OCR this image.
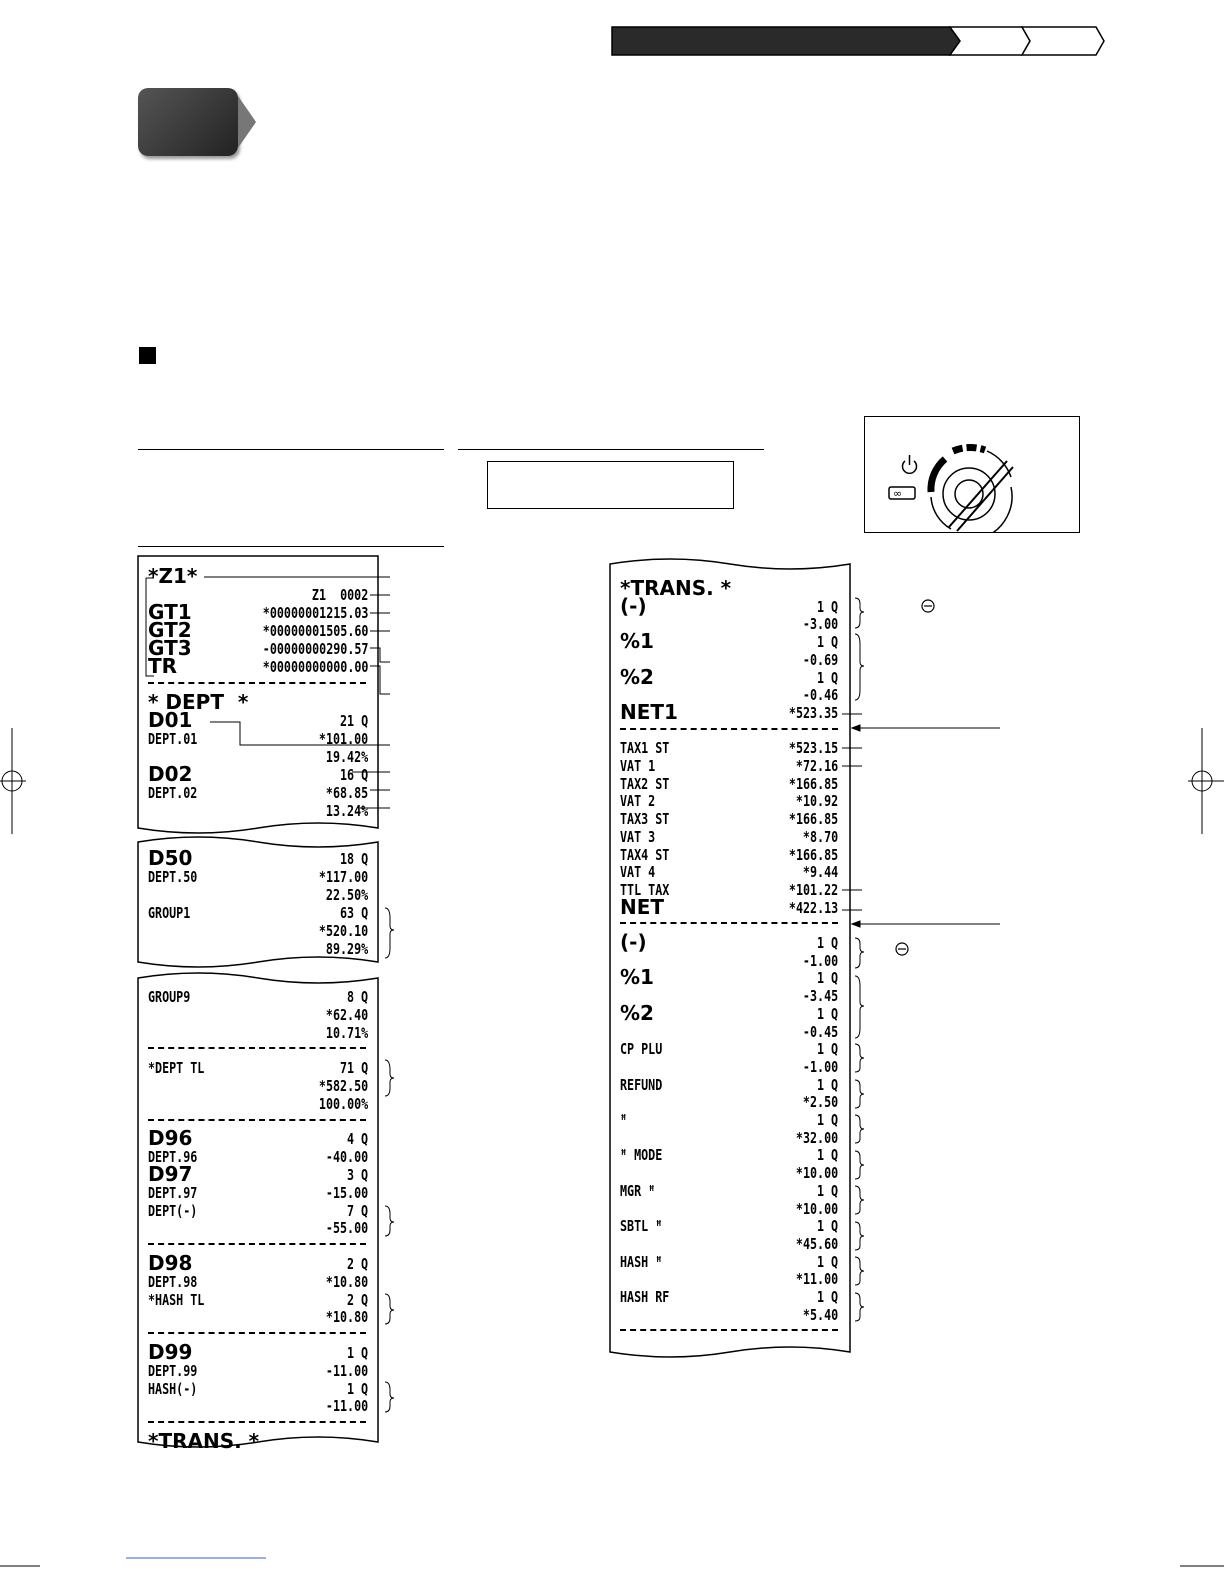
∞
*Z1*
Z1  0002
GT1	*00000001215.03
GT2	*00000001505.60
GT3	-00000000290.57
TR	*00000000000.00
* DEPT  *
D01	21 Q
DEPT.01	*101.00
19.42%
D02	16 Q
DEPT.02	*68.85
13.24%
D50	18 Q
DEPT.50	*117.00
22.50%
GROUP1	63 Q
*520.10
89.29%
GROUP9	8 Q
*62.40
10.71%
*DEPT TL	71 Q
*582.50
100.00%
D96	4 Q
DEPT.96	-40.00
D97	3 Q
DEPT.97	-15.00
DEPT(-)	7 Q
-55.00
D98	2 Q
DEPT.98	*10.80
*HASH TL	2 Q
*10.80
D99	1 Q
DEPT.99	-11.00
HASH(-)	1 Q
-11.00
*TRANS. *
*TRANS. *
(-)	1 Q
-3.00
%1	1 Q
-0.69
%2	1 Q
-0.46
NET1	*523.35
TAX1 ST	*523.15
VAT 1	*72.16
TAX2 ST	*166.85
VAT 2	*10.92
TAX3 ST	*166.85
VAT 3	*8.70
TAX4 ST	*166.85
VAT 4	*9.44
TTL TAX	*101.22
NET	*422.13
(-)	1 Q
-1.00
%1	1 Q
-3.45
%2	1 Q
-0.45
CP PLU	1 Q
-1.00
REFUND	1 Q
*2.50
ꟸ	1 Q
*32.00
ꟸ MODE	1 Q
*10.00
MGR ꟸ	1 Q
*10.00
SBTL ꟸ	1 Q
*45.60
HASH ꟸ	1 Q
*11.00
HASH RF	1 Q
*5.40
